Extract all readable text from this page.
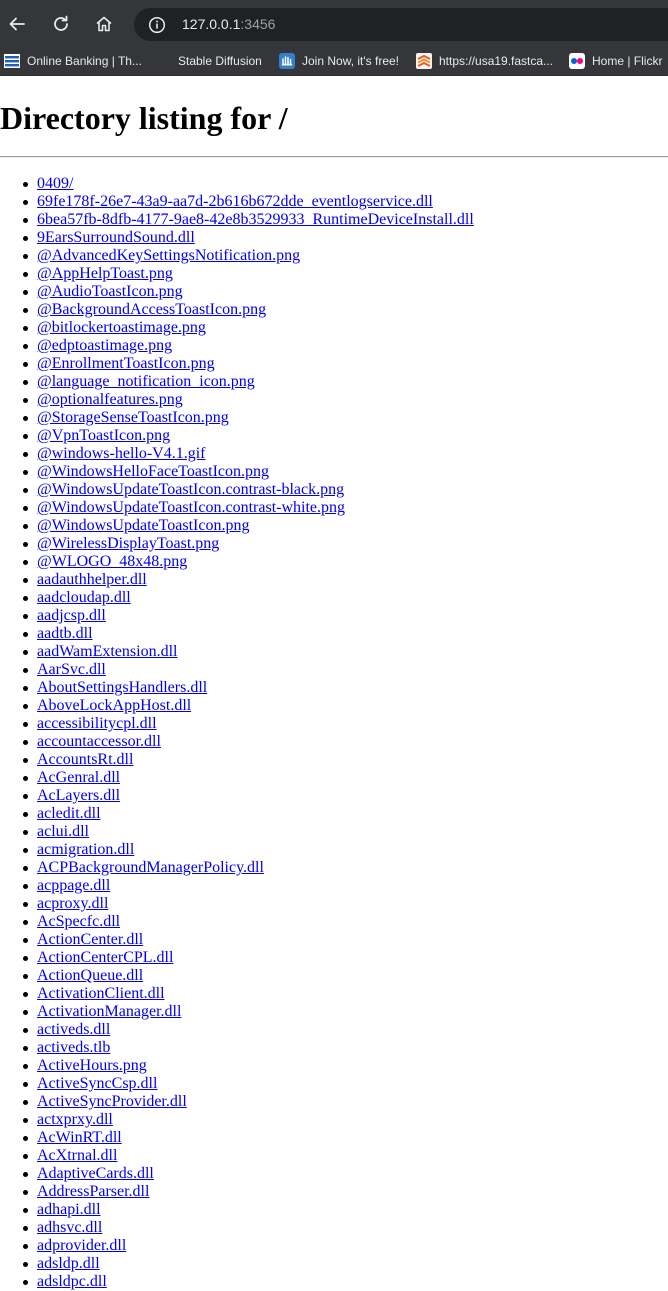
127.0.0.1:3456
Online Banking | Th...	Stable Diffusion	Join Now, it's free!	https://usa19.fastca...	Home | Flickr
Directory listing for /
0409/
69fe178f-26e7-43a9-aa7d-2b616b672dde_eventlogservice.dll
6bea57fb-8dfb-4177-9ae8-42e8b3529933_RuntimeDeviceInstall.dll
9EarsSurroundSound.dll
@AdvancedKeySettingsNotification.png
@AppHelpToast.png
@AudioToastIcon.png
@BackgroundAccessToastIcon.png
@bitlockertoastimage.png
@edptoastimage.png
@EnrollmentToastIcon.png
@language_notification_icon.png
@optionalfeatures.png
@StorageSenseToastIcon.png
@VpnToastIcon.png
@windows-hello-V4.1.gif
@WindowsHelloFaceToastIcon.png
@WindowsUpdateToastIcon.contrast-black.png
@WindowsUpdateToastIcon.contrast-white.png
@WindowsUpdateToastIcon.png
@WirelessDisplayToast.png
@WLOGO_48x48.png
aadauthhelper.dll
aadcloudap.dll
aadjcsp.dll
aadtb.dll
aadWamExtension.dll
AarSvc.dll
AboutSettingsHandlers.dll
AboveLockAppHost.dll
accessibilitycpl.dll
accountaccessor.dll
AccountsRt.dll
AcGenral.dll
AcLayers.dll
acledit.dll
aclui.dll
acmigration.dll
ACPBackgroundManagerPolicy.dll
acppage.dll
acproxy.dll
AcSpecfc.dll
ActionCenter.dll
ActionCenterCPL.dll
ActionQueue.dll
ActivationClient.dll
ActivationManager.dll
activeds.dll
activeds.tlb
ActiveHours.png
ActiveSyncCsp.dll
ActiveSyncProvider.dll
actxprxy.dll
AcWinRT.dll
AcXtrnal.dll
AdaptiveCards.dll
AddressParser.dll
adhapi.dll
adhsvc.dll
adprovider.dll
adsldp.dll
adsldpc.dll
